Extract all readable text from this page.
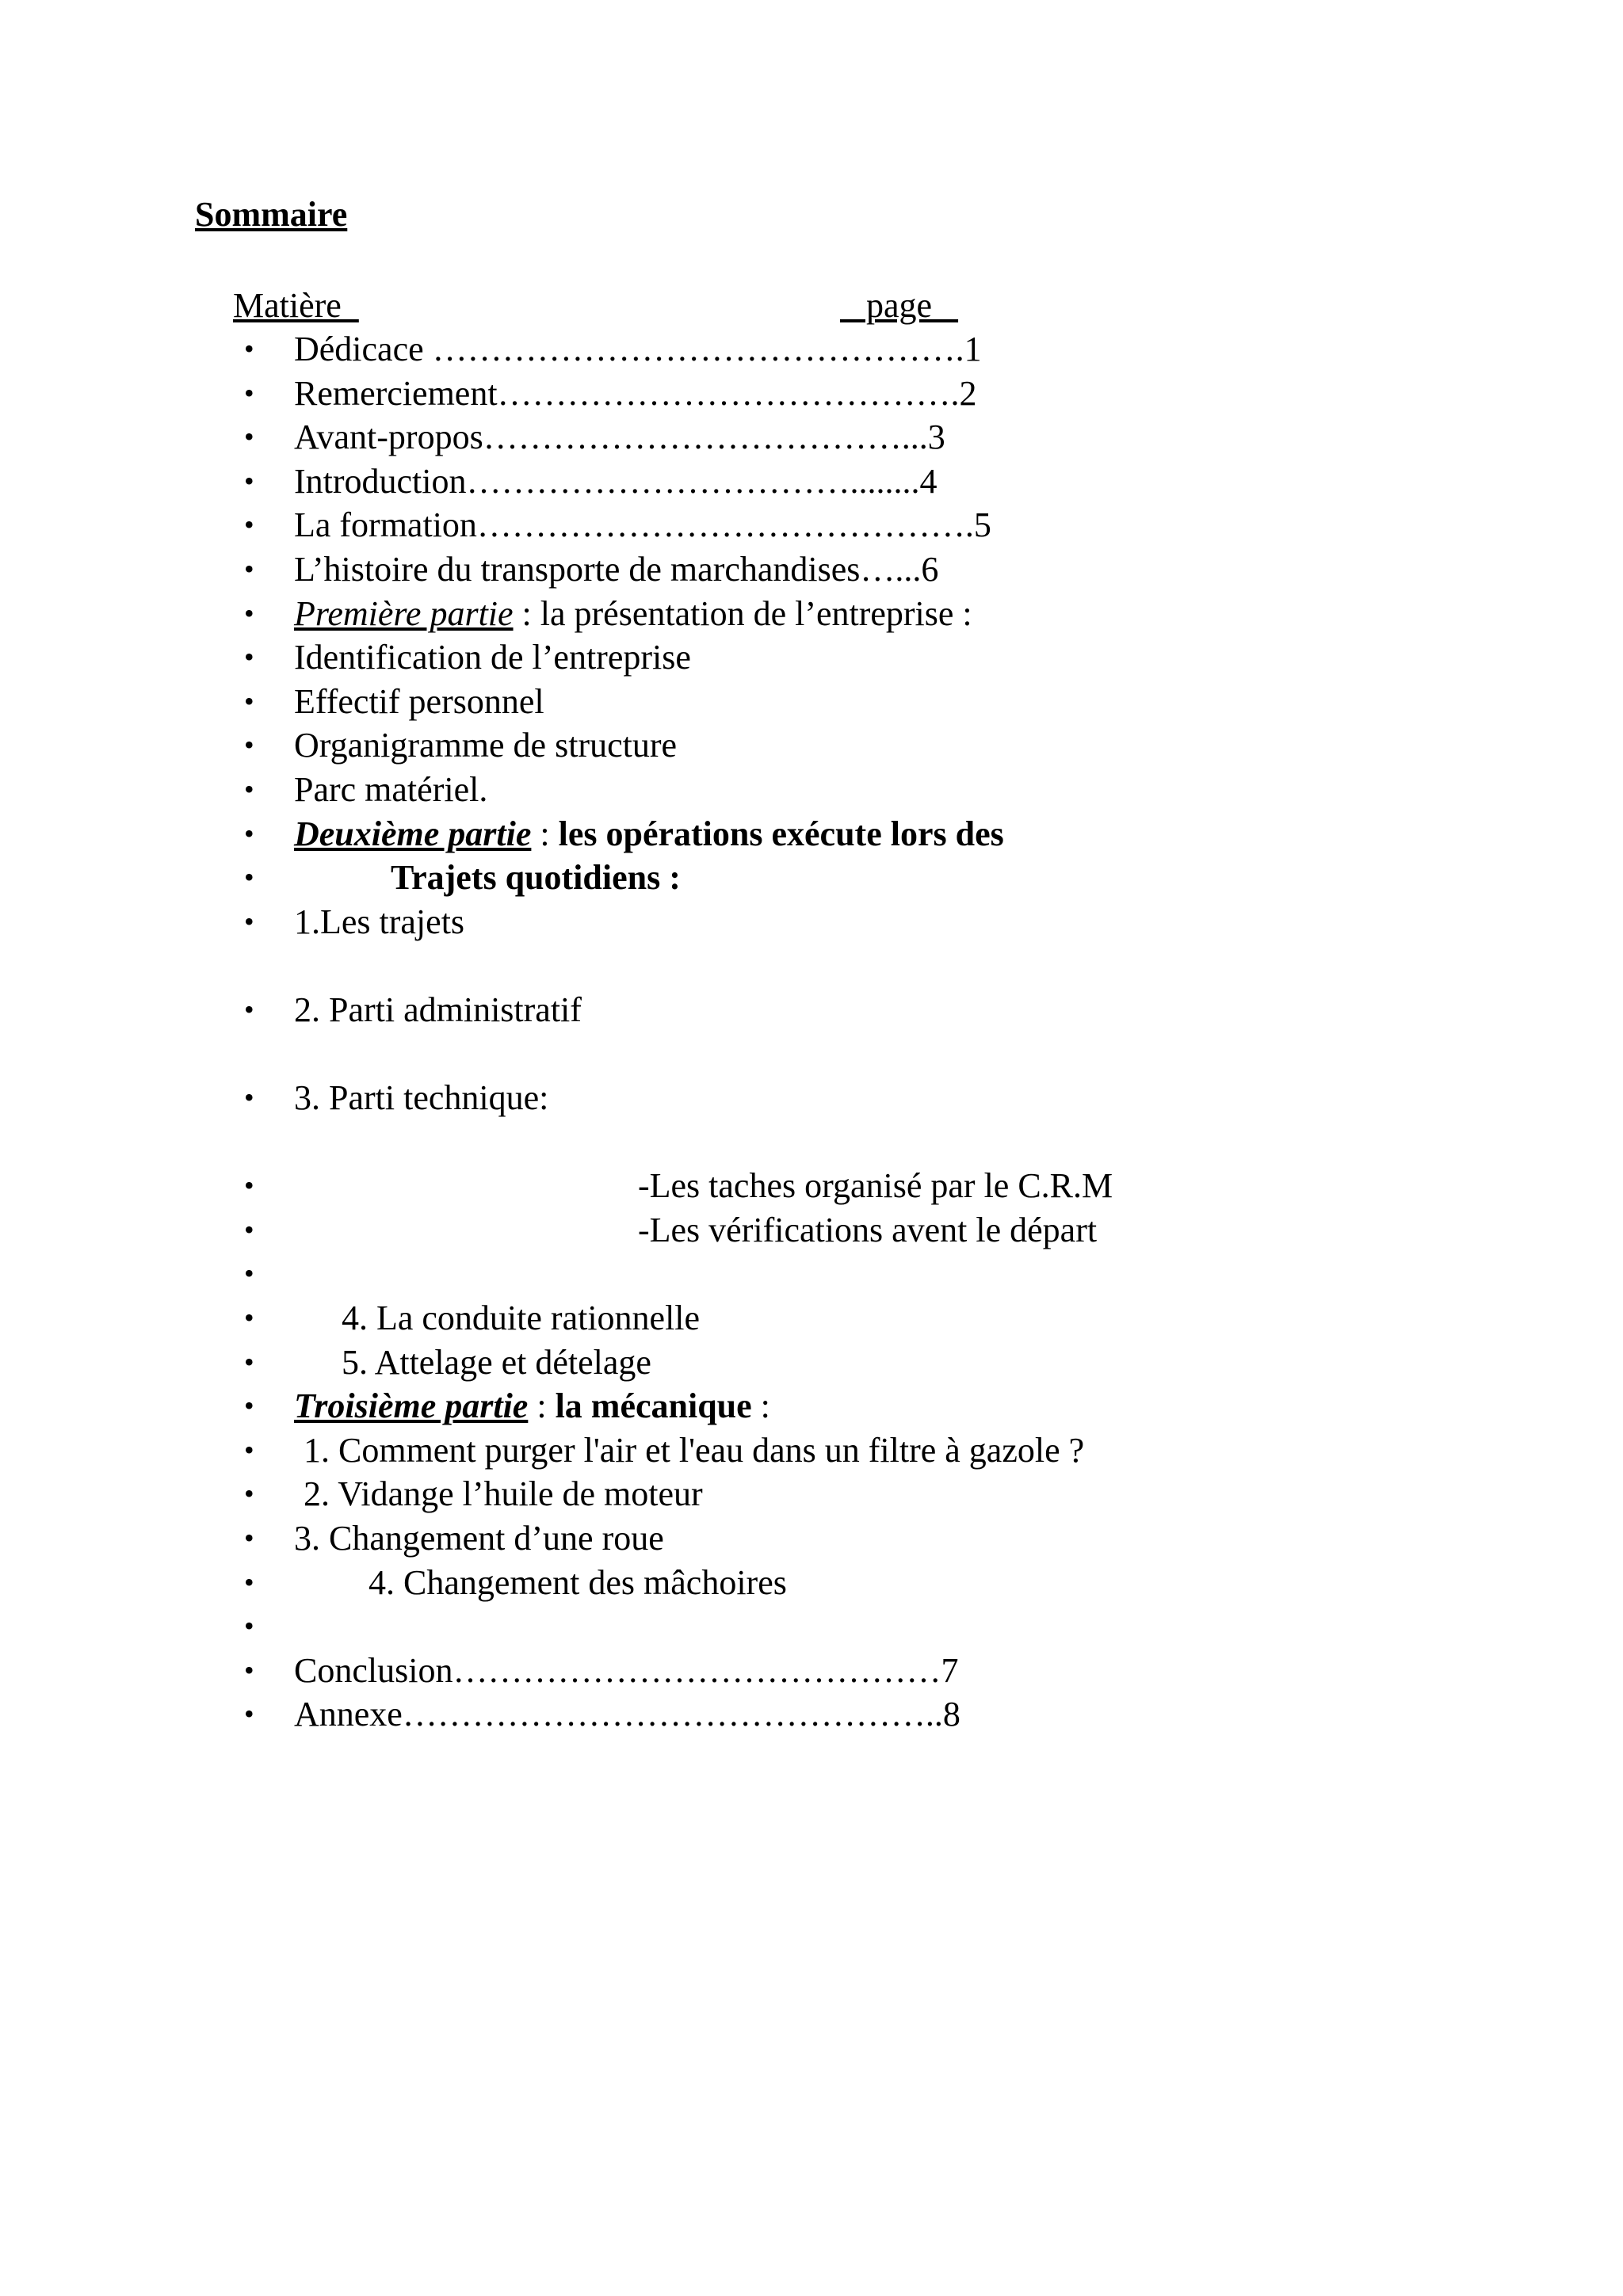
Sommaire
Matière	page
• Dédicace ……………………………………….1
• Remerciement………………………………….2
• Avant-propos………………………………...3
• Introduction……………………………........4
• La formation…………………………………….5
• L’histoire du transporte de marchandises…...6
• Première partie : la présentation de l’entreprise :
• Identification de l’entreprise
• Effectif personnel
• Organigramme de structure
• Parc matériel.
• Deuxième partie : les opérations exécute lors des
•	Trajets quotidiens :
• 1.Les trajets
• 2. Parti administratif
• 3. Parti technique:
•	-Les taches organisé par le C.R.M
•	-Les vérifications avent le départ
•
•	4. La conduite rationnelle
•	5. Attelage et dételage
• Troisième partie : la mécanique :
• 1. Comment purger l'air et l'eau dans un filtre à gazole ?
• 2. Vidange l’huile de moteur
• 3. Changement d’une roue
•	4. Changement des mâchoires
•
• Conclusion……………………………………7
• Annexe………………………………………..8
